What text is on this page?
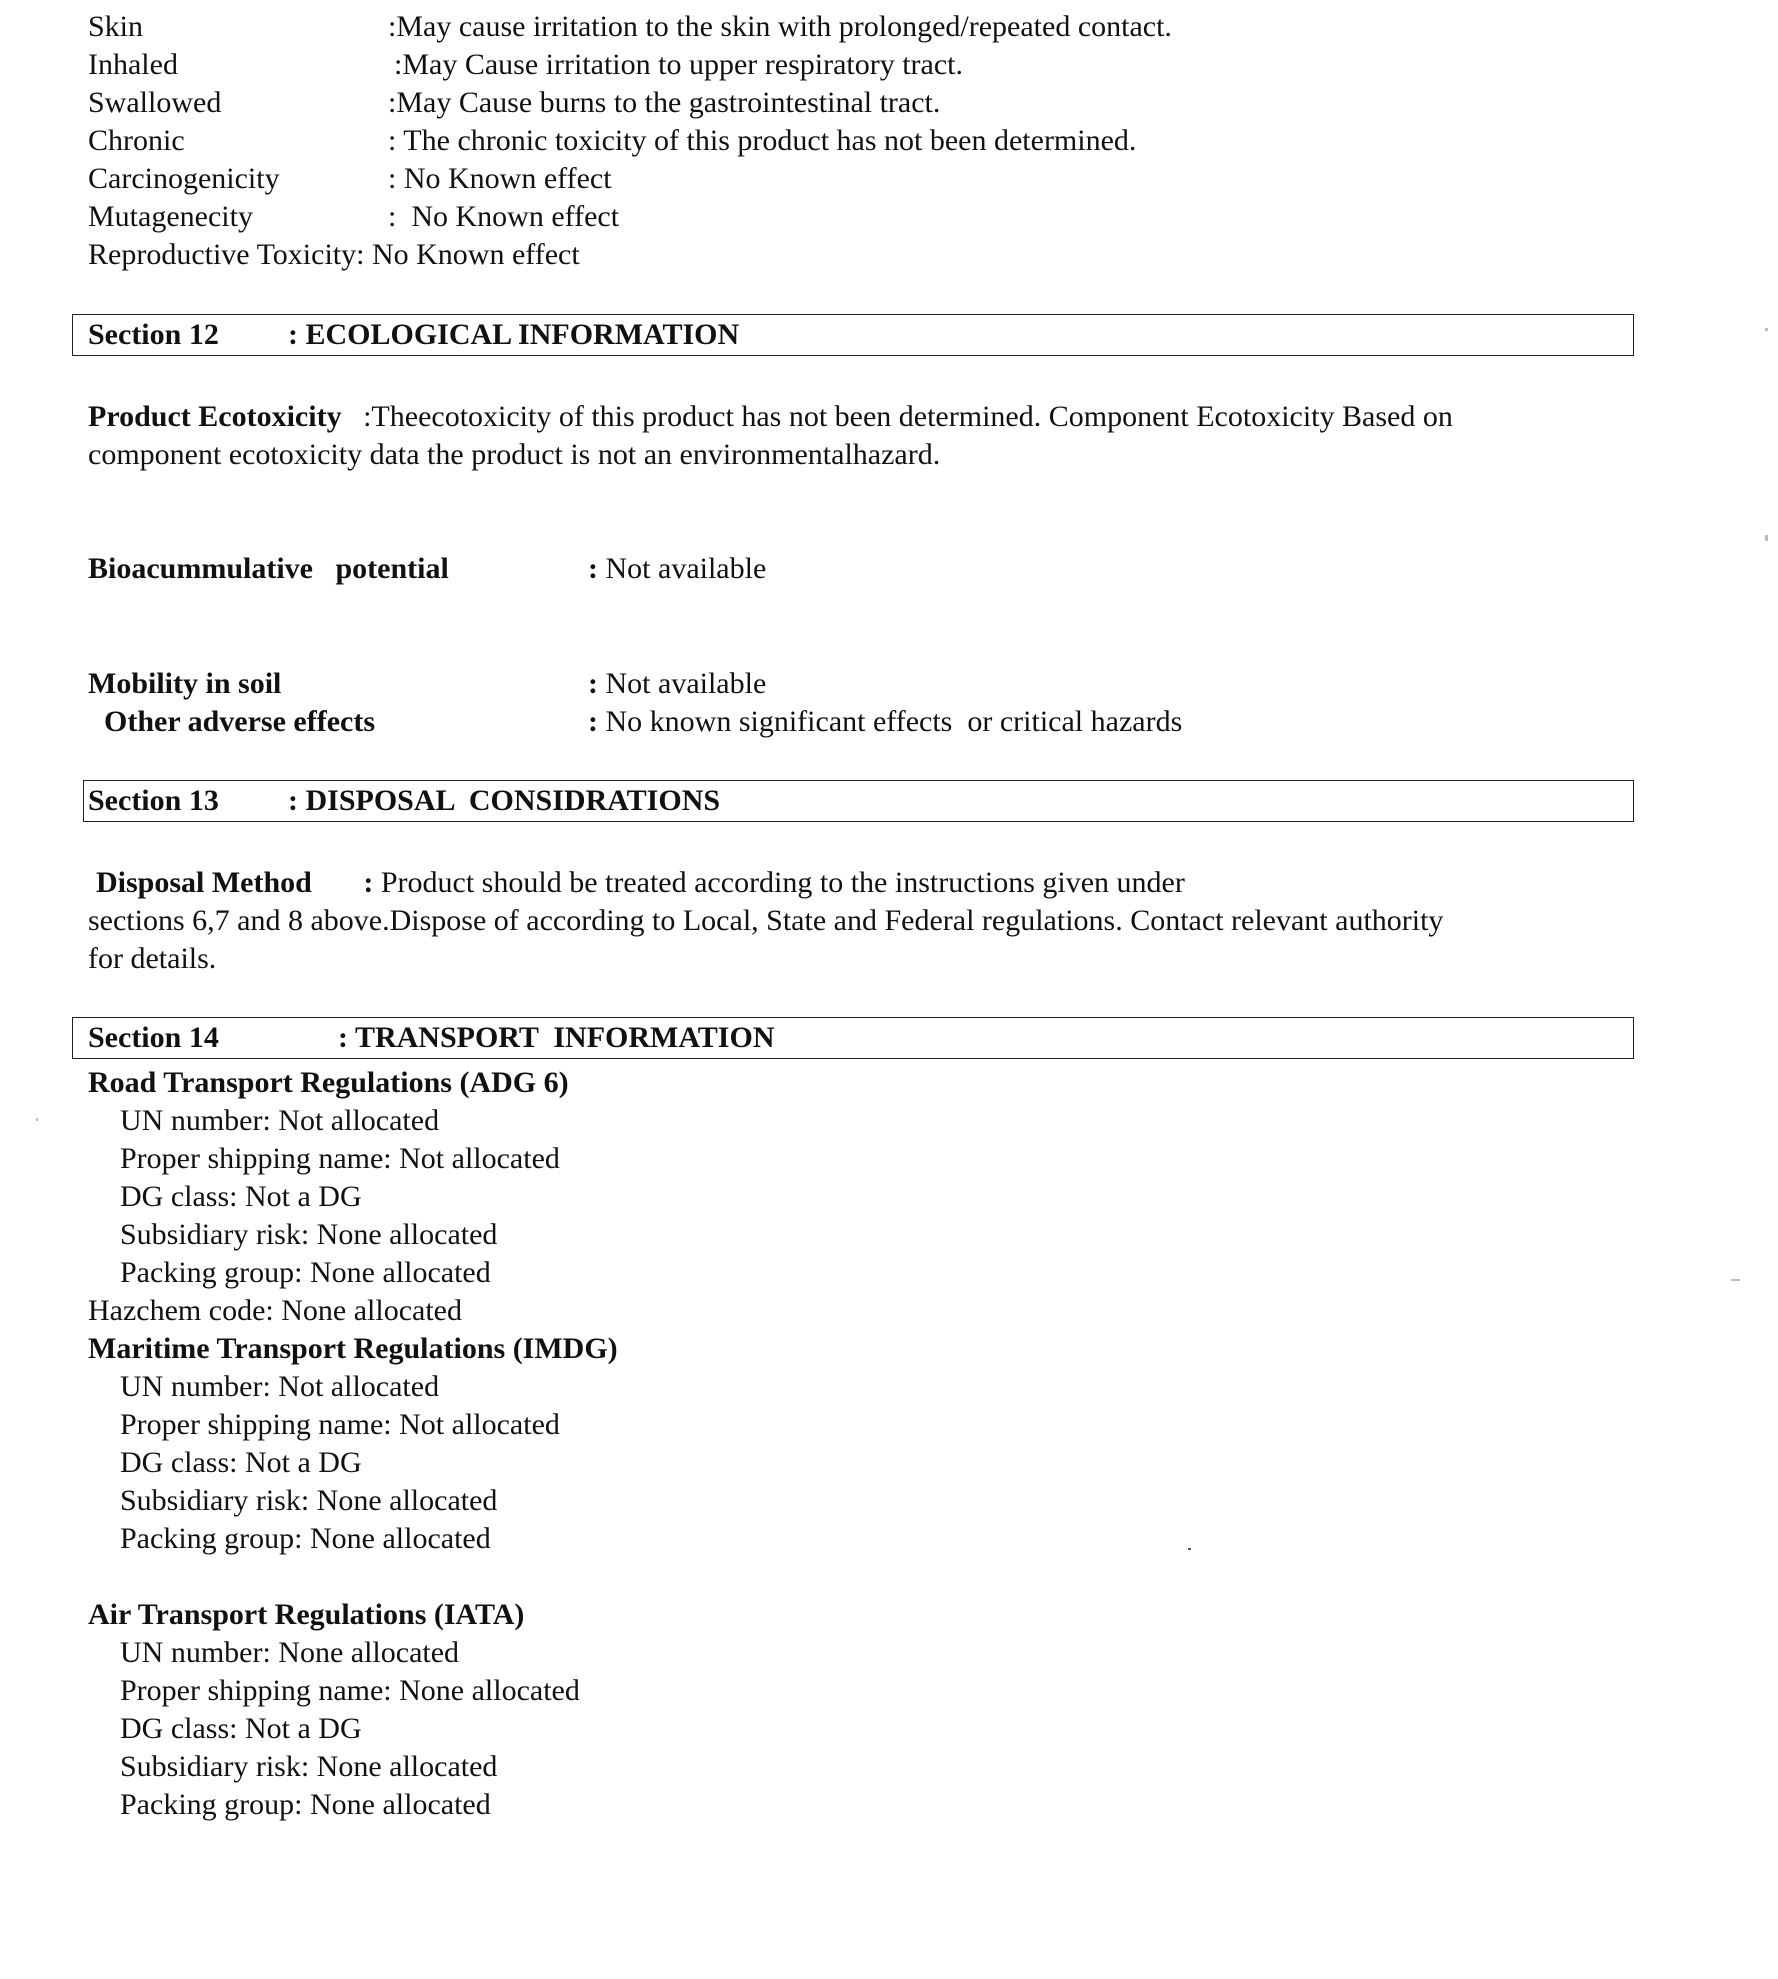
Skin	:May cause irritation to the skin with prolonged/repeated contact.
Inhaled	:May Cause irritation to upper respiratory tract.
Swallowed	:May Cause burns to the gastrointestinal tract.
Chronic	: The chronic toxicity of this product has not been determined.
Carcinogenicity	: No Known effect
Mutagenecity	:  No Known effect
Reproductive Toxicity: No Known effect
Section 12 : ECOLOGICAL INFORMATION
Product Ecotoxicity :Theecotoxicity of this product has not been determined. Component Ecotoxicity Based on
component ecotoxicity data the product is not an environmentalhazard.
Bioacummulative   potential	: Not available
Mobility in soil	: Not available
Other adverse effects	: No known significant effects  or critical hazards
Section 13 : DISPOSAL  CONSIDRATIONS
Disposal Method : Product should be treated according to the instructions given under
sections 6,7 and 8 above.Dispose of according to Local, State and Federal regulations. Contact relevant authority
for details.
Section 14	: TRANSPORT  INFORMATION
Road Transport Regulations (ADG 6)
UN number: Not allocated
Proper shipping name: Not allocated
DG class: Not a DG
Subsidiary risk: None allocated
Packing group: None allocated
Hazchem code: None allocated
Maritime Transport Regulations (IMDG)
UN number: Not allocated
Proper shipping name: Not allocated
DG class: Not a DG
Subsidiary risk: None allocated
Packing group: None allocated
Air Transport Regulations (IATA)
UN number: None allocated
Proper shipping name: None allocated
DG class: Not a DG
Subsidiary risk: None allocated
Packing group: None allocated
